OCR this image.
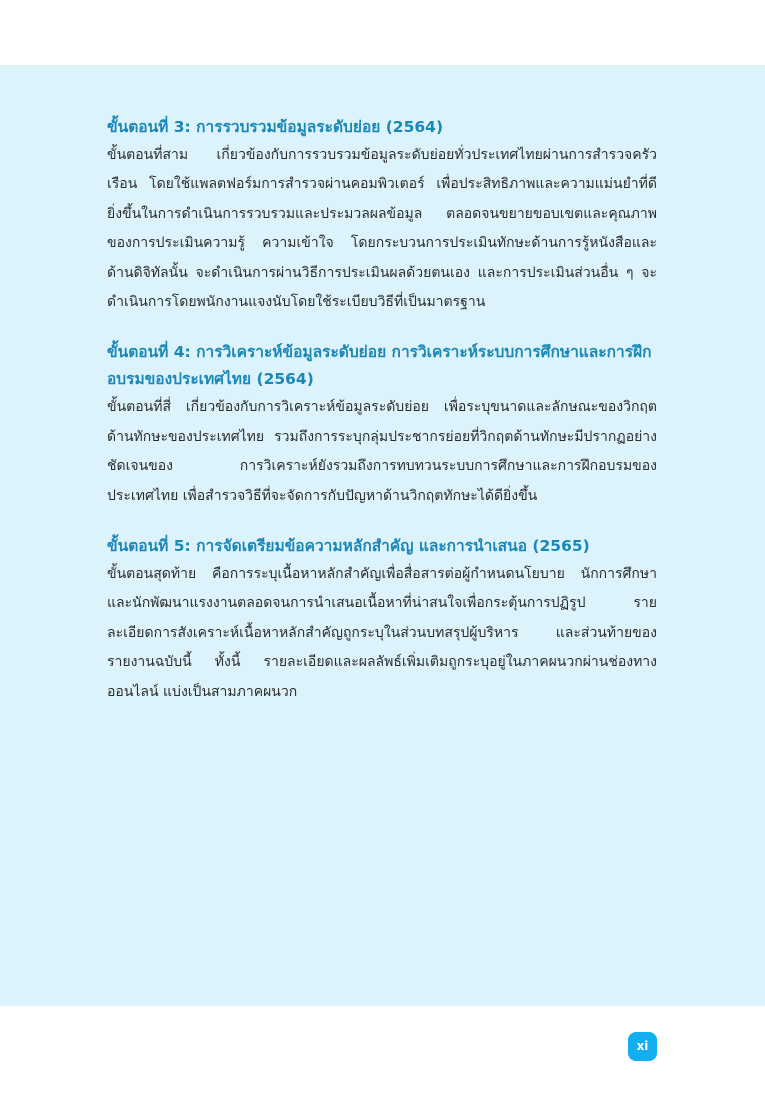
ขั้นตอนที่ 3: การรวบรวมข้อมูลระดับย่อย (2564)

ขั้นตอนที่สาม เกี่ยวข้องกับการรวบรวมข้อมูลระดับย่อยทั่วประเทศไทยผ่านการสำรวจครัวเรือน โดยใช้แพลตฟอร์มการสำรวจผ่านคอมพิวเตอร์ เพื่อประสิทธิภาพและความแม่นยำที่ดียิ่งขึ้นในการดำเนินการรวบรวมและประมวลผลข้อมูล ตลอดจนขยายขอบเขตและคุณภาพของการประเมินความรู้ ความเข้าใจ โดยกระบวนการประเมินทักษะด้านการรู้หนังสือและด้านดิจิทัลนั้น จะดำเนินการผ่านวิธีการประเมินผลด้วยตนเอง และการประเมินส่วนอื่น ๆ จะดำเนินการโดยพนักงานแจงนับโดยใช้ระเบียบวิธีที่เป็นมาตรฐาน

ขั้นตอนที่ 4: การวิเคราะห์ข้อมูลระดับย่อย การวิเคราะห์ระบบการศึกษาและการฝึกอบรมของประเทศไทย (2564)

ขั้นตอนที่สี่ เกี่ยวข้องกับการวิเคราะห์ข้อมูลระดับย่อย เพื่อระบุขนาดและลักษณะของวิกฤตด้านทักษะของประเทศไทย รวมถึงการระบุกลุ่มประชากรย่อยที่วิกฤตด้านทักษะมีปรากฏอย่างชัดเจนของ การวิเคราะห์ยังรวมถึงการทบทวนระบบการศึกษาและการฝึกอบรมของประเทศไทย เพื่อสำรวจวิธีที่จะจัดการกับปัญหาด้านวิกฤตทักษะได้ดียิ่งขึ้น

ขั้นตอนที่ 5: การจัดเตรียมข้อความหลักสำคัญ และการนำเสนอ (2565)

ขั้นตอนสุดท้าย คือการระบุเนื้อหาหลักสำคัญเพื่อสื่อสารต่อผู้กำหนดนโยบาย นักการศึกษา และนักพัฒนาแรงงานตลอดจนการนำเสนอเนื้อหาที่น่าสนใจเพื่อกระตุ้นการปฏิรูป รายละเอียดการสังเคราะห์เนื้อหาหลักสำคัญถูกระบุในส่วนบทสรุปผู้บริหาร และส่วนท้ายของรายงานฉบับนี้ ทั้งนี้ รายละเอียดและผลลัพธ์เพิ่มเติมถูกระบุอยู่ในภาคผนวกผ่านช่องทางออนไลน์ แบ่งเป็นสามภาคผนวก

xi
